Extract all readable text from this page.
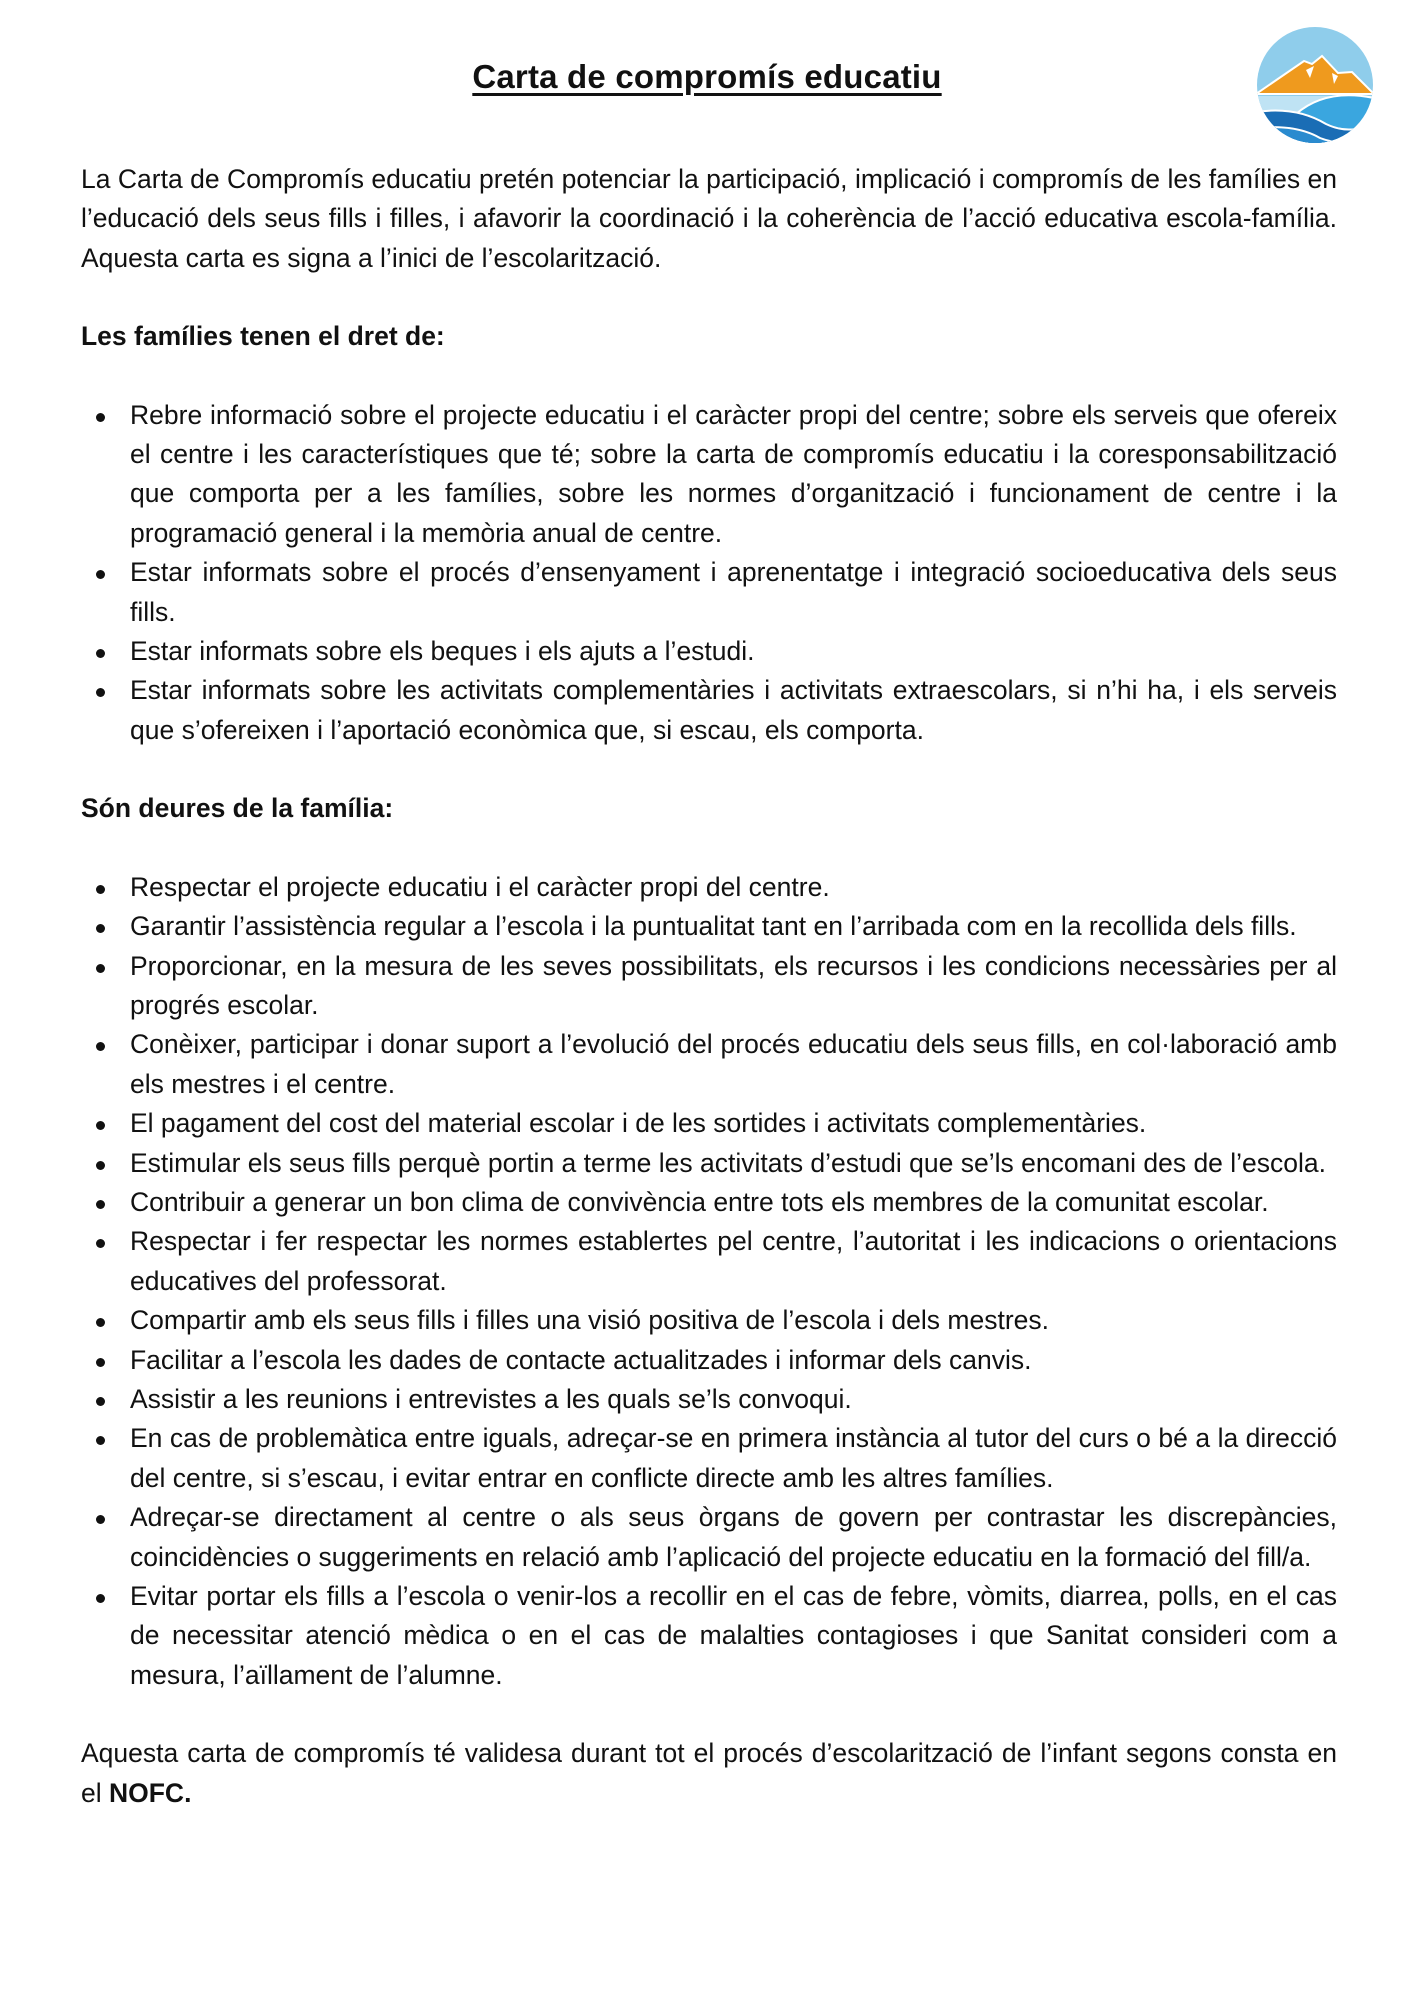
Carta de compromís educatiu

La Carta de Compromís educatiu pretén potenciar la participació, implicació i compromís de les famílies en l’educació dels seus fills i filles, i afavorir la coordinació i la coherència de l’acció educativa escola-família. Aquesta carta es signa a l’inici de l’escolarització.

Les famílies tenen el dret de:
Rebre informació sobre el projecte educatiu i el caràcter propi del centre; sobre els serveis que ofereix el centre i les característiques que té; sobre la carta de compromís educatiu i la coresponsabilització que comporta per a les famílies, sobre les normes d’organització i funcionament de centre i la programació general i la memòria anual de centre.
Estar informats sobre el procés d’ensenyament i aprenentatge i integració socioeducativa dels seus fills.
Estar informats sobre els beques i els ajuts a l’estudi.
Estar informats sobre les activitats complementàries i activitats extraescolars, si n’hi ha, i els serveis que s’ofereixen i l’aportació econòmica que, si escau, els comporta.
Són deures de la família:
Respectar el projecte educatiu i el caràcter propi del centre.
Garantir l’assistència regular a l’escola i la puntualitat tant en l’arribada com en la recollida dels fills.
Proporcionar, en la mesura de les seves possibilitats, els recursos i les condicions necessàries per al progrés escolar.
Conèixer, participar i donar suport a l’evolució del procés educatiu dels seus fills, en col·laboració amb els mestres i el centre.
El pagament del cost del material escolar i de les sortides i activitats complementàries.
Estimular els seus fills perquè portin a terme les activitats d’estudi que se’ls encomani des de l’escola.
Contribuir a generar un bon clima de convivència entre tots els membres de la comunitat escolar.
Respectar i fer respectar les normes establertes pel centre, l’autoritat i les indicacions o orientacions educatives del professorat.
Compartir amb els seus fills i filles una visió positiva de l’escola i dels mestres.
Facilitar a l’escola les dades de contacte actualitzades i informar dels canvis.
Assistir a les reunions i entrevistes a les quals se’ls convoqui.
En cas de problemàtica entre iguals, adreçar-se en primera instància al tutor del curs o bé a la direcció del centre, si s’escau, i evitar entrar en conflicte directe amb les altres famílies.
Adreçar-se directament al centre o als seus òrgans de govern per contrastar les discrepàncies, coincidències o suggeriments en relació amb l’aplicació del projecte educatiu en la formació del fill/a.
Evitar portar els fills a l’escola o venir-los a recollir en el cas de febre, vòmits, diarrea, polls, en el cas de necessitar atenció mèdica o en el cas de malalties contagioses i que Sanitat consideri com a mesura, l’aïllament de l’alumne.

Aquesta carta de compromís té validesa durant tot el procés d’escolarització de l’infant segons consta en el NOFC.
